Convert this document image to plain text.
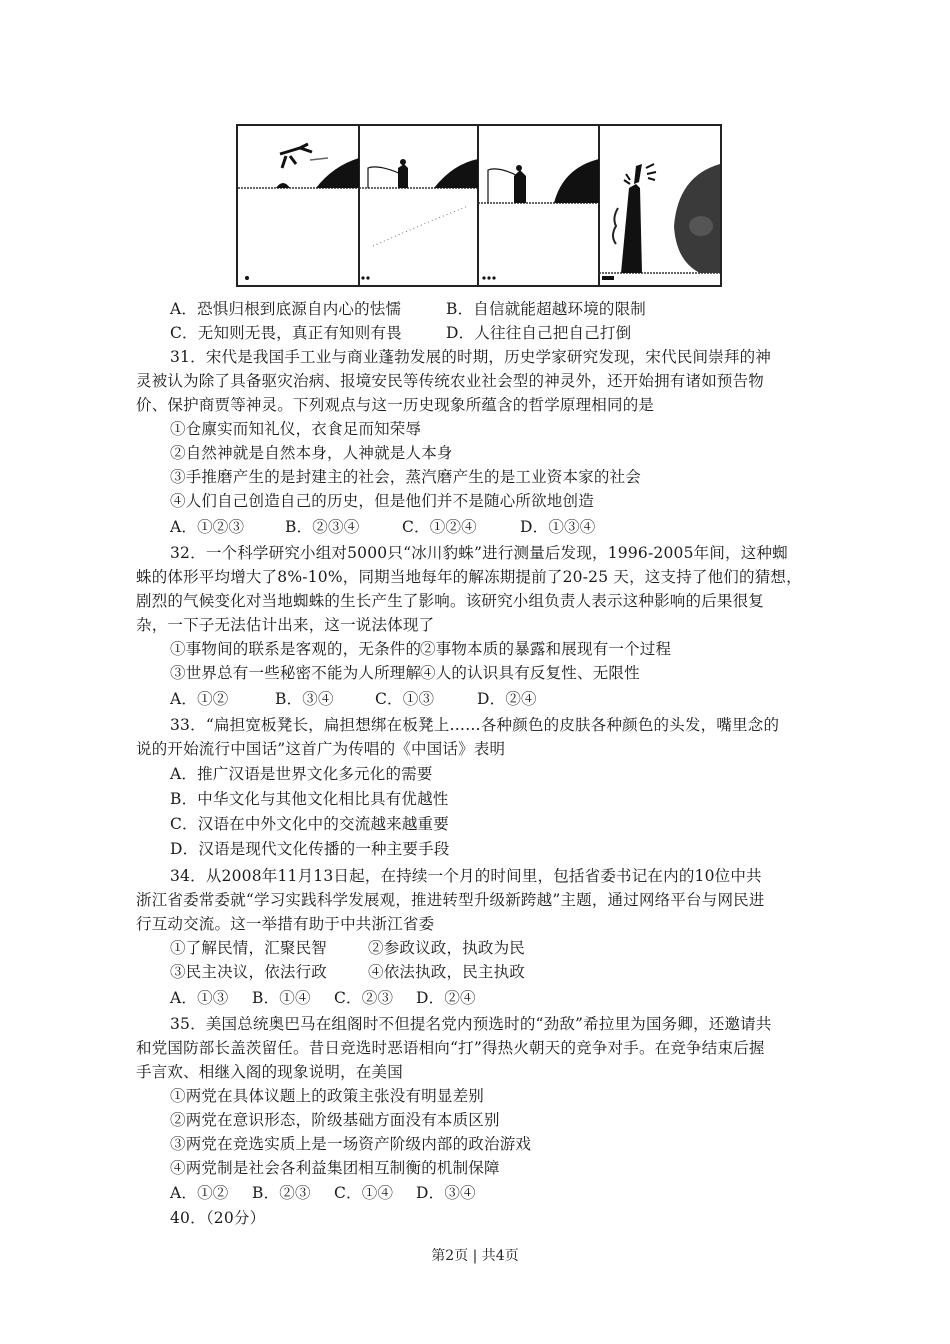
A．恐惧归根到底源自内心的怯懦	B．自信就能超越环境的限制
C．无知则无畏，真正有知则有畏	D．人往往自己把自己打倒
31．宋代是我国手工业与商业蓬勃发展的时期，历史学家研究发现，宋代民间崇拜的神
灵被认为除了具备驱灾治病、报境安民等传统农业社会型的神灵外，还开始拥有诸如预告物
价、保护商贾等神灵。下列观点与这一历史现象所蕴含的哲学原理相同的是
①仓廪实而知礼仪，衣食足而知荣辱
②自然神就是自然本身，人神就是人本身
③手推磨产生的是封建主的社会，蒸汽磨产生的是工业资本家的社会
④人们自己创造自己的历史，但是他们并不是随心所欲地创造
A．①②③	B．②③④	C．①②④	D．①③④
32．一个科学研究小组对5000只“冰川豹蛛”进行测量后发现，1996-2005年间，这种蜘
蛛的体形平均增大了8%-10%，同期当地每年的解冻期提前了20-25 天，这支持了他们的猜想，
剧烈的气候变化对当地蜘蛛的生长产生了影响。该研究小组负责人表示这种影响的后果很复
杂，一下子无法估计出来，这一说法体现了
①事物间的联系是客观的，无条件的②事物本质的暴露和展现有一个过程
③世界总有一些秘密不能为人所理解④人的认识具有反复性、无限性
A．①②	B．③④	C．①③	D．②④
33．“扁担宽板凳长，扁担想绑在板凳上……各种颜色的皮肤各种颜色的头发，嘴里念的
说的开始流行中国话”这首广为传唱的《中国话》表明
A．推广汉语是世界文化多元化的需要
B．中华文化与其他文化相比具有优越性
C．汉语在中外文化中的交流越来越重要
D．汉语是现代文化传播的一种主要手段
34．从2008年11月13日起，在持续一个月的时间里，包括省委书记在内的10位中共
浙江省委常委就“学习实践科学发展观，推进转型升级新跨越”主题，通过网络平台与网民进
行互动交流。这一举措有助于中共浙江省委
①了解民情，汇聚民智	②参政议政，执政为民
③民主决议，依法行政	④依法执政，民主执政
A．①③ B．①④ C．②③ D．②④
35．美国总统奥巴马在组阁时不但提名党内预选时的“劲敌”希拉里为国务卿，还邀请共
和党国防部长盖茨留任。昔日竞选时恶语相向“打”得热火朝天的竞争对手。在竞争结束后握
手言欢、相继入阁的现象说明，在美国
①两党在具体议题上的政策主张没有明显差别
②两党在意识形态，阶级基础方面没有本质区别
③两党在竞选实质上是一场资产阶级内部的政治游戏
④两党制是社会各利益集团相互制衡的机制保障
A．①② B．②③ C．①④ D．③④
40．（20分）
第2页 | 共4页
